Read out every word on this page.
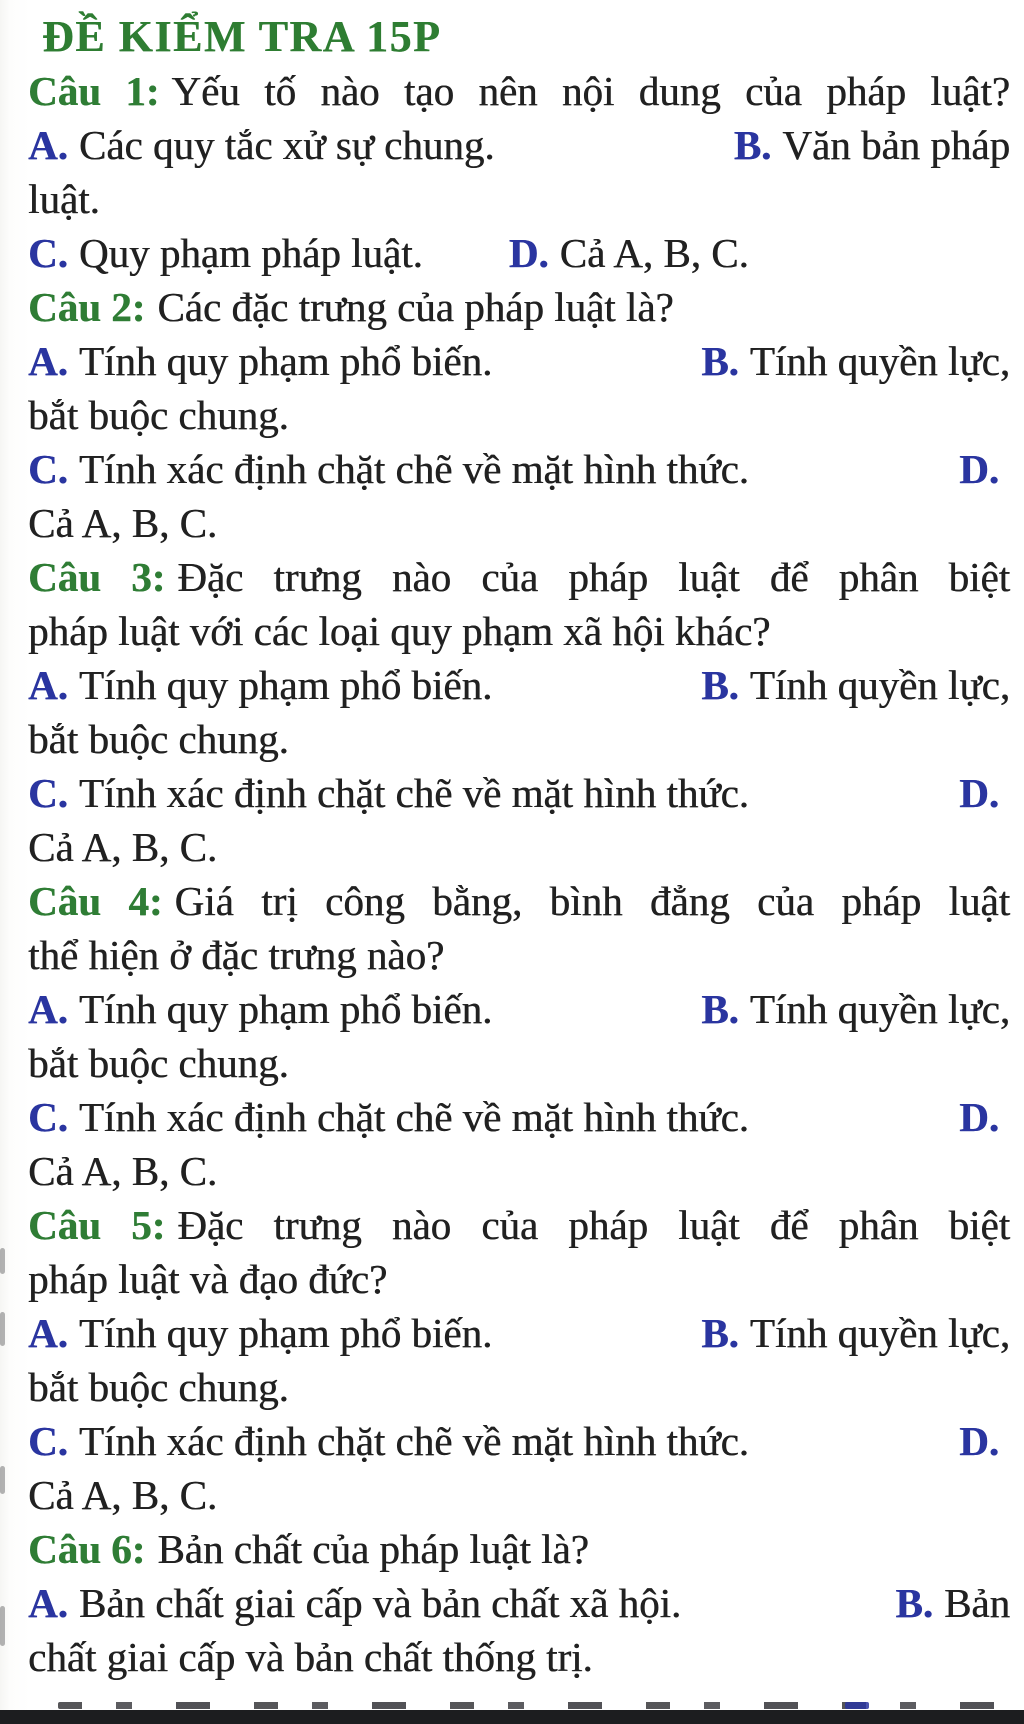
ĐỀ KIỂM TRA 15P
Câu 1: Yếu tố nào tạo nên nội dung của pháp luật?
A. Các quy tắc xử sự chung.	B. Văn bản pháp
luật.
C. Quy phạm pháp luật. D. Cả A, B, C.
Câu 2: Các đặc trưng của pháp luật là?
A. Tính quy phạm phổ biến.	B. Tính quyền lực,
bắt buộc chung.
C. Tính xác định chặt chẽ về mặt hình thức.	D.
Cả A, B, C.
Câu 3: Đặc trưng nào của pháp luật để phân biệt
pháp luật với các loại quy phạm xã hội khác?
A. Tính quy phạm phổ biến.	B. Tính quyền lực,
bắt buộc chung.
C. Tính xác định chặt chẽ về mặt hình thức.	D.
Cả A, B, C.
Câu 4: Giá trị công bằng, bình đẳng của pháp luật
thể hiện ở đặc trưng nào?
A. Tính quy phạm phổ biến.	B. Tính quyền lực,
bắt buộc chung.
C. Tính xác định chặt chẽ về mặt hình thức.	D.
Cả A, B, C.
Câu 5: Đặc trưng nào của pháp luật để phân biệt
pháp luật và đạo đức?
A. Tính quy phạm phổ biến.	B. Tính quyền lực,
bắt buộc chung.
C. Tính xác định chặt chẽ về mặt hình thức.	D.
Cả A, B, C.
Câu 6: Bản chất của pháp luật là?
A. Bản chất giai cấp và bản chất xã hội.	B. Bản
chất giai cấp và bản chất thống trị.
